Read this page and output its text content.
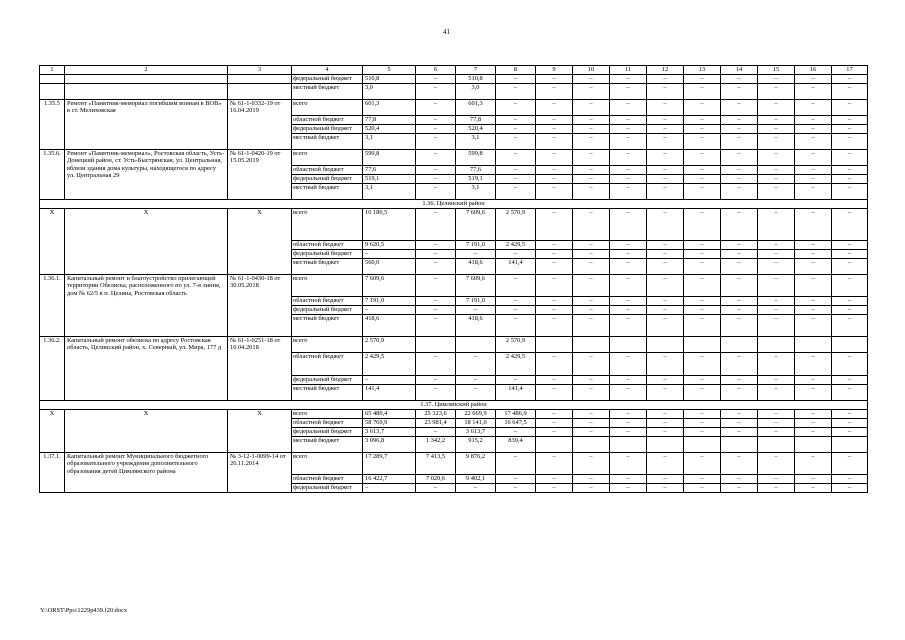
41
1	2	3	4	5	6	7	8	9	10	11	12	13	14	15	16	17
			федеральный бюджет	510,8	–	510,8	–	–	–	–	–	–	–	–	–	–
			местный бюджет	3,0	–	3,0	–	–	–	–	–	–	–	–	–	–
1.35.5	Ремонт «Памятник-мемориал погибшим воинам в ВОВ» в ст. Мелиховская	№ 61-1-0332-19 от 16.04.2019	всего	601,3	–	601,3	–	–	–	–	–	–	–	–	–	–
			областной бюджет	77,8	–	77,8	–	–	–	–	–	–	–	–	–	–
			федеральный бюджет	520,4	–	520,4	–	–	–	–	–	–	–	–	–	–
			местный бюджет	3,1	–	3,1	–	–	–	–	–	–	–	–	–	–
1.35.6.	Ремонт «Памятник-мемориал», Ростовская область, Усть-Донецкий район, ст. Усть-Быстрянская, ул. Центральная, вблизи здания дома культуры, находящегося по адресу ул. Центральная 29	№ 61-1-0420-19 от 15.05.2019	всего	599,8	–	599,8	–	–	–	–	–	–	–	–	–	–
			областной бюджет	77,6	–	77,6	–	–	–	–	–	–	–	–	–	–
			федеральный бюджет	519,1	–	519,1	–	–	–	–	–	–	–	–	–	–
			местный бюджет	3,1	–	3,1	–	–	–	–	–	–	–	–	–	–
1.36. Целинский район																
Х	Х	Х	всего	10 180,5	–	7 609,6	2 570,9	–	–	–	–	–	–	–	–	–
			областной бюджет	9 620,5	–	7 191,0	2 429,5	–	–	–	–	–	–	–	–	–
			федеральный бюджет	–	–	–	–	–	–	–	–	–	–	–	–	–
			местный бюджет	560,0	–	418,6	141,4	–	–	–	–	–	–	–	–	–
1.36.1.	Капитальный ремонт и благоустройство прилегающей территории Обелиска, расположенного по ул. 7-я линия, дом № 62/5 в п. Целина, Ростовская область	№ 61-1-0430-18 от 30.05.2018	всего	7 609,6	–	7 609,6	–	–	–	–	–	–	–	–	–	–
			областной бюджет	7 191,0	–	7 191,0	–	–	–	–	–	–	–	–	–	–
			федеральный бюджет	–	–	–	–	–	–	–	–	–	–	–	–	–
			местный бюджет	418,6	–	418,6	–	–	–	–	–	–	–	–	–	–
1.36.2.	Капитальный ремонт обелиска по адресу Ростовская область, Целинский район, х. Северный, ул. Мира, 177 д	№ 61-1-0251-18 от 10.04.2018	всего	2 570,9			2 570,9									
			областной бюджет	2 429,5	–	–	2 429,5	–	–	–	–	–	–	–	–	–
			федеральный бюджет	–	–	–	–	–	–	–	–	–	–	–	–	–
			местный бюджет	141,4	–	–	141,4	–	–	–	–	–	–	–	–	–
1.37. Цимлянский район																
Х	Х	Х	всего	65 480,4	25 323,6	22 669,9	17 486,9	–	–	–	–	–	–	–	–	–
			областной бюджет	58 769,9	23 981,4	18 141,0	16 647,5	–	–	–	–	–	–	–	–	–
			федеральный бюджет	3 613,7	–	3 613,7	–	–	–	–	–	–	–	–	–	–
			местный бюджет	3 096,8	1 342,2	915,2	839,4									
1.37.1.	Капитальный ремонт Муниципального бюджетного образовательного учреждения дополнительного образования детей Цимлянского района	№ 3-12-1-0099-14 от 26.11.2014	всего	17 289,7	7 413,5	9 876,2	–	–	–	–	–	–	–	–	–	–
			областной бюджет	16 422,7	7 020,6	9 402,1	–	–	–	–	–	–	–	–	–	–
			федеральный бюджет	–	–	–	–	–	–	–	–	–	–	–	–	–
Y:\ORST\Ppo\1229p439.f20.docx
